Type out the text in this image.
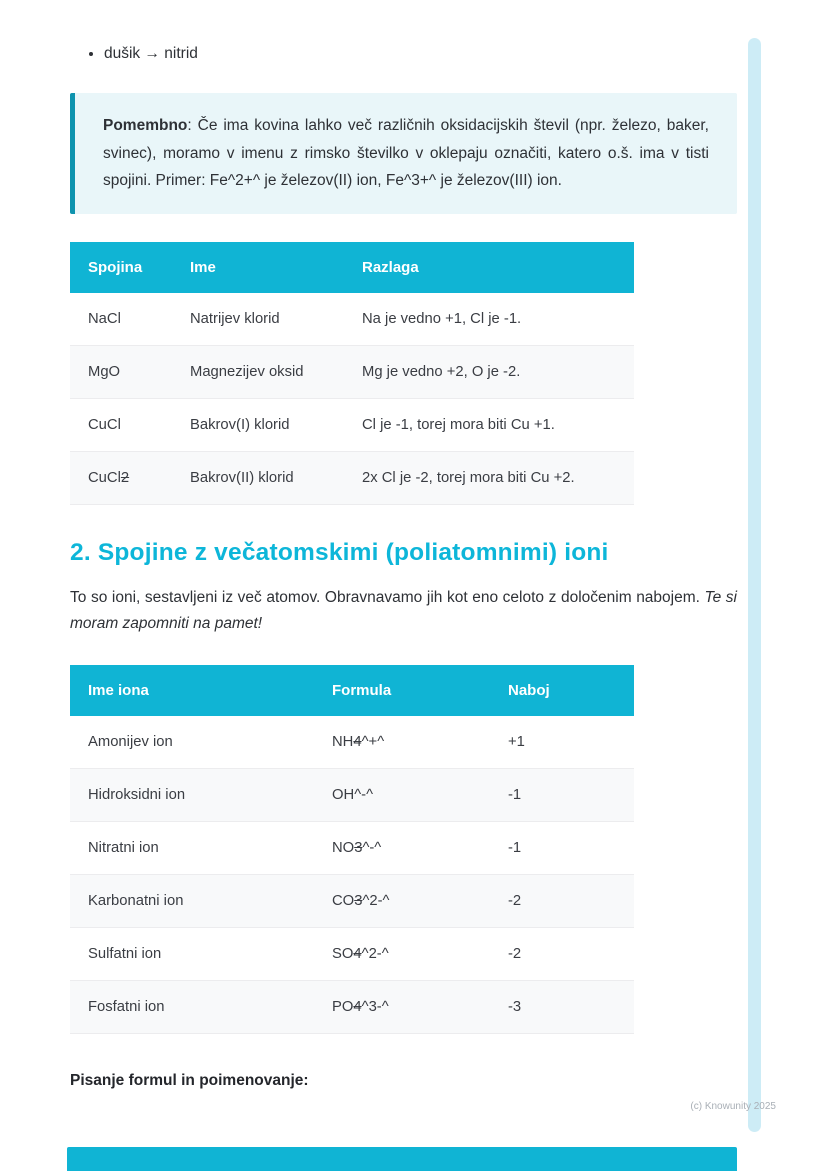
• dušik → nitrid
Pomembno: Če ima kovina lahko več različnih oksidacijskih števil (npr. železo, baker, svinec), moramo v imenu z rimsko številko v oklepaju označiti, katero o.š. ima v tisti spojini. Primer: Fe^2+^ je železov(II) ion, Fe^3+^ je železov(III) ion.
Spojina	Ime	Razlaga
NaCl	Natrijev klorid	Na je vedno +1, Cl je -1.
MgO	Magnezijev oksid	Mg je vedno +2, O je -2.
CuCl	Bakrov(I) klorid	Cl je -1, torej mora biti Cu +1.
CuCl2	Bakrov(II) klorid	2x Cl je -2, torej mora biti Cu +2.
2. Spojine z večatomskimi (poliatomnimi) ioni

To so ioni, sestavljeni iz več atomov. Obravnavamo jih kot eno celoto z določenim nabojem. Te si moram zapomniti na pamet!

Ime iona	Formula	Naboj
Amonijev ion	NH4^+^	+1
Hidroksidni ion	OH^-^	-1
Nitratni ion	NO3^-^	-1
Karbonatni ion	CO3^2-^	-2
Sulfatni ion	SO4^2-^	-2
Fosfatni ion	PO4^3-^	-3

Pisanje formul in poimenovanje:

(c) Knowunity 2025
